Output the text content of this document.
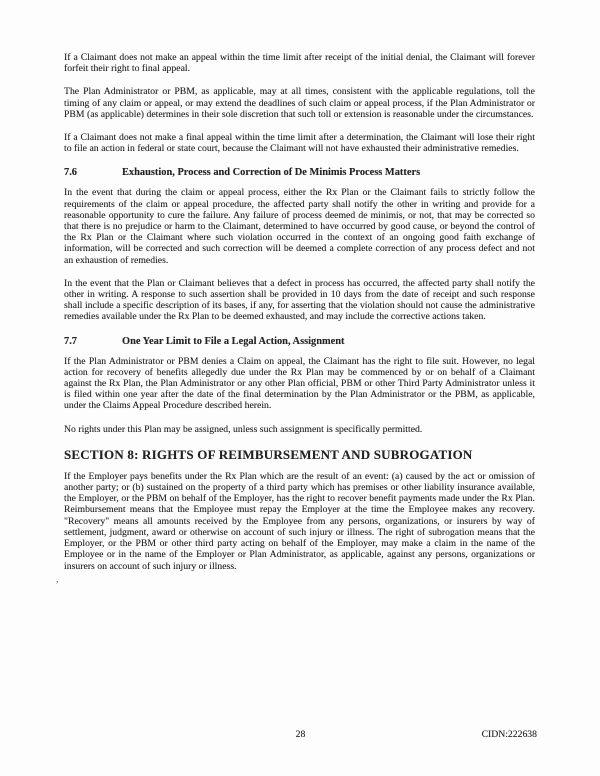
If a Claimant does not make an appeal within the time limit after receipt of the initial denial, the Claimant will forever forfeit their right to final appeal.

The Plan Administrator or PBM, as applicable, may at all times, consistent with the applicable regulations, toll the timing of any claim or appeal, or may extend the deadlines of such claim or appeal process, if the Plan Administrator or PBM (as applicable) determines in their sole discretion that such toll or extension is reasonable under the circumstances.

If a Claimant does not make a final appeal within the time limit after a determination, the Claimant will lose their right to file an action in federal or state court, because the Claimant will not have exhausted their administrative remedies.

7.6	Exhaustion, Process and Correction of De Minimis Process Matters

In the event that during the claim or appeal process, either the Rx Plan or the Claimant fails to strictly follow the requirements of the claim or appeal procedure, the affected party shall notify the other in writing and provide for a reasonable opportunity to cure the failure. Any failure of process deemed de minimis, or not, that may be corrected so that there is no prejudice or harm to the Claimant, determined to have occurred by good cause, or beyond the control of the Rx Plan or the Claimant where such violation occurred in the context of an ongoing good faith exchange of information, will be corrected and such correction will be deemed a complete correction of any process defect and not an exhaustion of remedies.

In the event that the Plan or Claimant believes that a defect in process has occurred, the affected party shall notify the other in writing. A response to such assertion shall be provided in 10 days from the date of receipt and such response shall include a specific description of its bases, if any, for asserting that the violation should not cause the administrative remedies available under the Rx Plan to be deemed exhausted, and may include the corrective actions taken.

7.7	One Year Limit to File a Legal Action, Assignment

If the Plan Administrator or PBM denies a Claim on appeal, the Claimant has the right to file suit. However, no legal action for recovery of benefits allegedly due under the Rx Plan may be commenced by or on behalf of a Claimant against the Rx Plan, the Plan Administrator or any other Plan official, PBM or other Third Party Administrator unless it is filed within one year after the date of the final determination by the Plan Administrator or the PBM, as applicable, under the Claims Appeal Procedure described herein.

No rights under this Plan may be assigned, unless such assignment is specifically permitted.

SECTION 8: RIGHTS OF REIMBURSEMENT AND SUBROGATION

If the Employer pays benefits under the Rx Plan which are the result of an event: (a) caused by the act or omission of another party; or (b) sustained on the property of a third party which has premises or other liability insurance available, the Employer, or the PBM on behalf of the Employer, has the right to recover benefit payments made under the Rx Plan. Reimbursement means that the Employee must repay the Employer at the time the Employee makes any recovery. "Recovery" means all amounts received by the Employee from any persons, organizations, or insurers by way of settlement, judgment, award or otherwise on account of such injury or illness. The right of subrogation means that the Employer, or the PBM or other third party acting on behalf of the Employer, may make a claim in the name of the Employee or in the name of the Employer or Plan Administrator, as applicable, against any persons, organizations or insurers on account of such injury or illness.

,
28	CIDN:222638
